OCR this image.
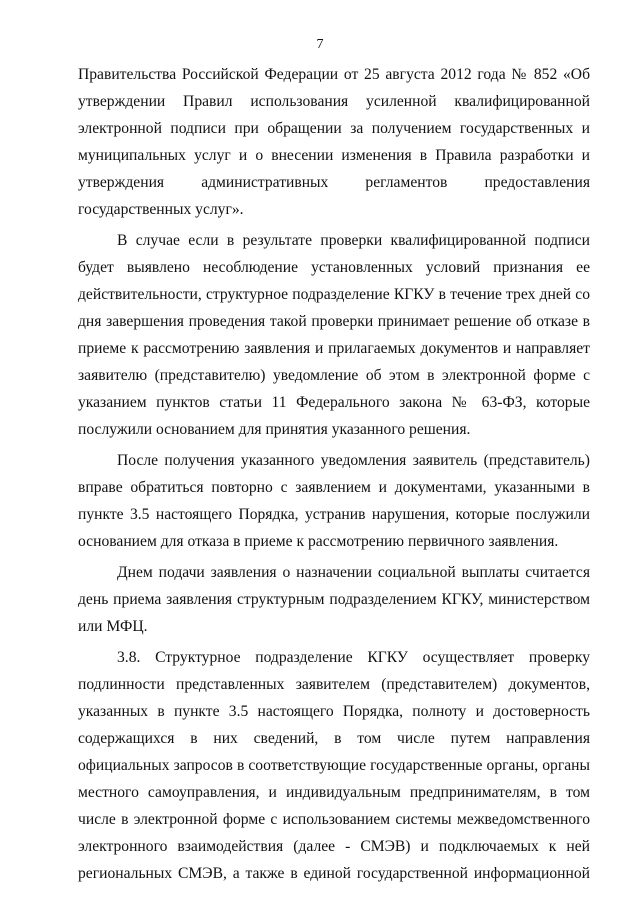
7

Правительства Российской Федерации от 25 августа 2012 года № 852 «Об утверждении Правил использования усиленной квалифицированной электронной подписи при обращении за получением государственных и муниципальных услуг и о внесении изменения в Правила разработки и утверждения административных регламентов предоставления государственных услуг».

В случае если в результате проверки квалифицированной подписи будет выявлено несоблюдение установленных условий признания ее действительности, структурное подразделение КГКУ в течение трех дней со дня завершения проведения такой проверки принимает решение об отказе в приеме к рассмотрению заявления и прилагаемых документов и направляет заявителю (представителю) уведомление об этом в электронной форме с указанием пунктов статьи 11 Федерального закона № 63-ФЗ, которые послужили основанием для принятия указанного решения.

После получения указанного уведомления заявитель (представитель) вправе обратиться повторно с заявлением и документами, указанными в пункте 3.5 настоящего Порядка, устранив нарушения, которые послужили основанием для отказа в приеме к рассмотрению первичного заявления.

Днем подачи заявления о назначении социальной выплаты считается день приема заявления структурным подразделением КГКУ, министерством или МФЦ.

3.8. Структурное подразделение КГКУ осуществляет проверку подлинности представленных заявителем (представителем) документов, указанных в пункте 3.5 настоящего Порядка, полноту и достоверность содержащихся в них сведений, в том числе путем направления официальных запросов в соответствующие государственные органы, органы местного самоуправления, и индивидуальным предпринимателям, в том числе в электронной форме с использованием системы межведомственного электронного взаимодействия (далее - СМЭВ) и подключаемых к ней региональных СМЭВ, а также в единой государственной информационной
